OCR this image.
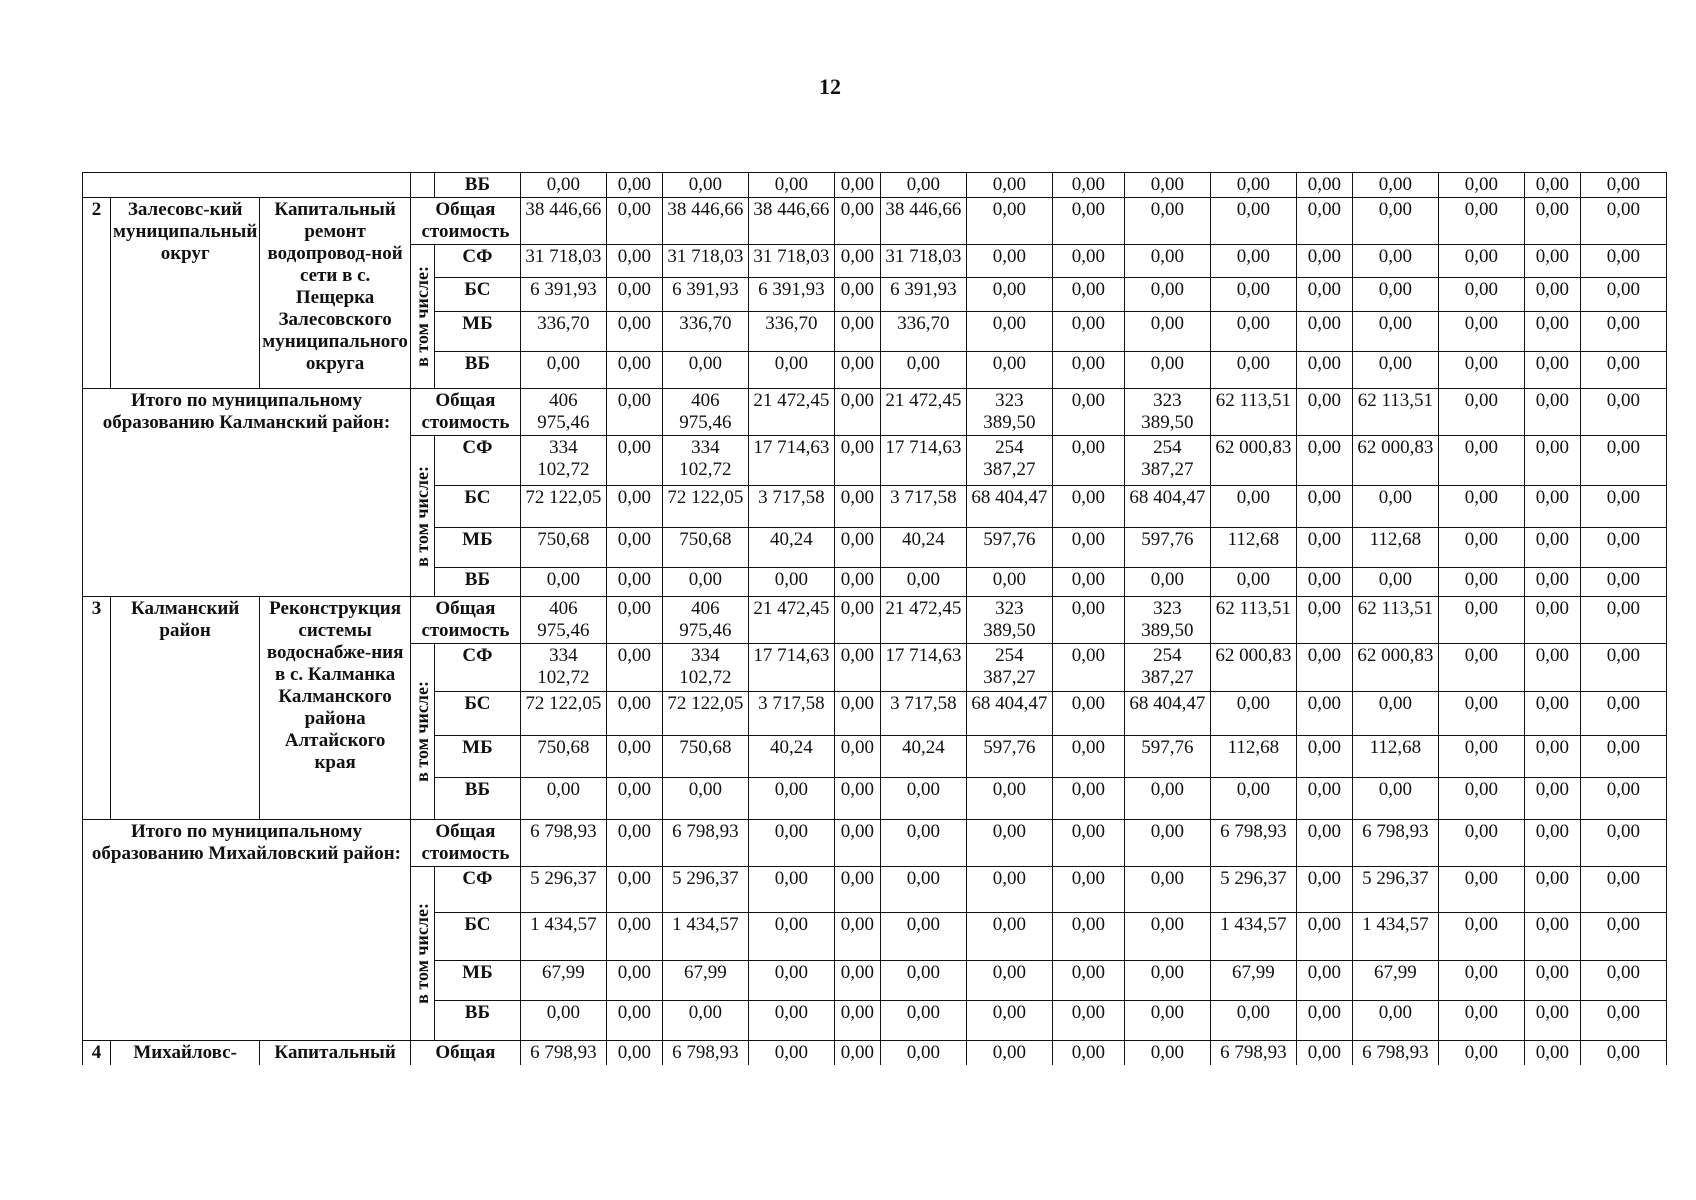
12
				ВБ	0,00	0,00	0,00	0,00	0,00	0,00	0,00	0,00	0,00	0,00	0,00	0,00	0,00	0,00	0,00
2	Залесовс-кий муниципальный округ	Капитальный ремонт водопровод-ной сети в с. Пещерка Залесовского муниципального округа	Общая стоимость		38 446,66	0,00	38 446,66	38 446,66	0,00	38 446,66	0,00	0,00	0,00	0,00	0,00	0,00	0,00	0,00	0,00

			в том числе:	СФ	31 718,03	0,00	31 718,03	31 718,03	0,00	31 718,03	0,00	0,00	0,00	0,00	0,00	0,00	0,00	0,00	0,00
				БС	6 391,93	0,00	6 391,93	6 391,93	0,00	6 391,93	0,00	0,00	0,00	0,00	0,00	0,00	0,00	0,00	0,00
				МБ	336,70	0,00	336,70	336,70	0,00	336,70	0,00	0,00	0,00	0,00	0,00	0,00	0,00	0,00	0,00
				ВБ	0,00	0,00	0,00	0,00	0,00	0,00	0,00	0,00	0,00	0,00	0,00	0,00	0,00	0,00	0,00
Итого по муниципальному образованию Калманский район:			Общая стоимость		406 975,46	0,00	406 975,46	21 472,45	0,00	21 472,45	323 389,50	0,00	323 389,50	62 113,51	0,00	62 113,51	0,00	0,00	0,00

			в том числе:	СФ	334 102,72	0,00	334 102,72	17 714,63	0,00	17 714,63	254 387,27	0,00	254 387,27	62 000,83	0,00	62 000,83	0,00	0,00	0,00
				БС	72 122,05	0,00	72 122,05	3 717,58	0,00	3 717,58	68 404,47	0,00	68 404,47	0,00	0,00	0,00	0,00	0,00	0,00
				МБ	750,68	0,00	750,68	40,24	0,00	40,24	597,76	0,00	597,76	112,68	0,00	112,68	0,00	0,00	0,00
				ВБ	0,00	0,00	0,00	0,00	0,00	0,00	0,00	0,00	0,00	0,00	0,00	0,00	0,00	0,00	0,00
3	Калманский район	Реконструкция системы водоснабже-ния в с. Калманка Калманского района Алтайского края	Общая стоимость		406 975,46	0,00	406 975,46	21 472,45	0,00	21 472,45	323 389,50	0,00	323 389,50	62 113,51	0,00	62 113,51	0,00	0,00	0,00

			в том числе:	СФ	334 102,72	0,00	334 102,72	17 714,63	0,00	17 714,63	254 387,27	0,00	254 387,27	62 000,83	0,00	62 000,83	0,00	0,00	0,00
				БС	72 122,05	0,00	72 122,05	3 717,58	0,00	3 717,58	68 404,47	0,00	68 404,47	0,00	0,00	0,00	0,00	0,00	0,00
				МБ	750,68	0,00	750,68	40,24	0,00	40,24	597,76	0,00	597,76	112,68	0,00	112,68	0,00	0,00	0,00
				ВБ	0,00	0,00	0,00	0,00	0,00	0,00	0,00	0,00	0,00	0,00	0,00	0,00	0,00	0,00	0,00
Итого по муниципальному образованию Михайловский район:			Общая стоимость		6 798,93	0,00	6 798,93	0,00	0,00	0,00	0,00	0,00	0,00	6 798,93	0,00	6 798,93	0,00	0,00	0,00

			в том числе:	СФ	5 296,37	0,00	5 296,37	0,00	0,00	0,00	0,00	0,00	0,00	5 296,37	0,00	5 296,37	0,00	0,00	0,00
				БС	1 434,57	0,00	1 434,57	0,00	0,00	0,00	0,00	0,00	0,00	1 434,57	0,00	1 434,57	0,00	0,00	0,00
				МБ	67,99	0,00	67,99	0,00	0,00	0,00	0,00	0,00	0,00	67,99	0,00	67,99	0,00	0,00	0,00
				ВБ	0,00	0,00	0,00	0,00	0,00	0,00	0,00	0,00	0,00	0,00	0,00	0,00	0,00	0,00	0,00
4	Михайловс-	Капитальный	Общая		6 798,93	0,00	6 798,93	0,00	0,00	0,00	0,00	0,00	0,00	6 798,93	0,00	6 798,93	0,00	0,00	0,00
